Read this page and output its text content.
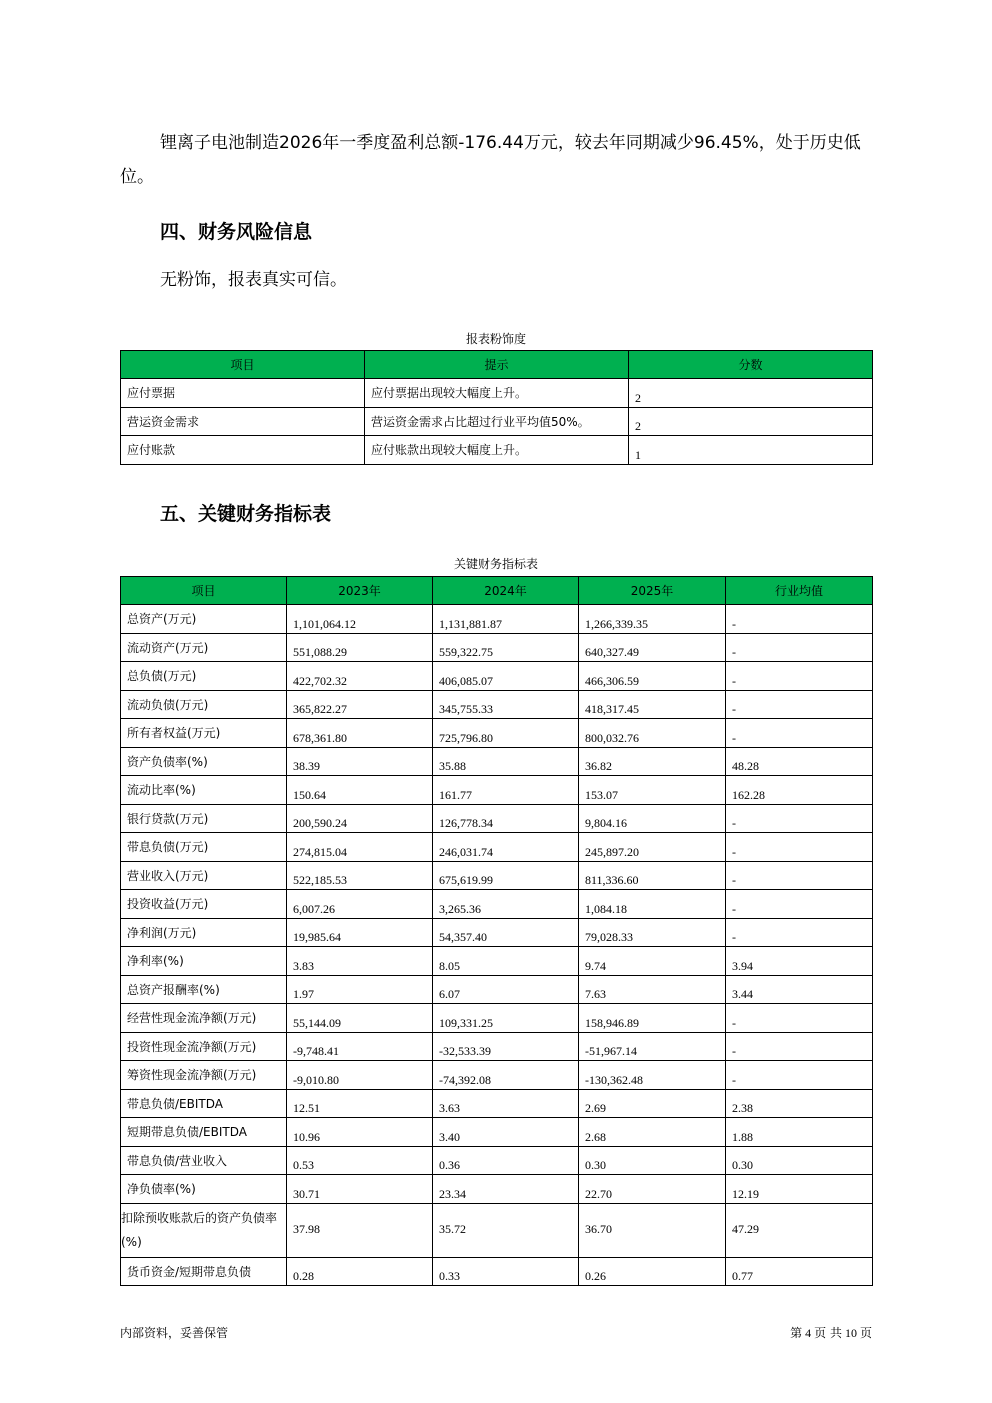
锂离子电池制造2026年一季度盈利总额-176.44万元，较去年同期减少96.45%，处于历史低位。

四、财务风险信息

无粉饰，报表真实可信。

报表粉饰度
项目	提示	分数
应付票据	应付票据出现较大幅度上升。	2
营运资金需求	营运资金需求占比超过行业平均值50%。	2
应付账款	应付账款出现较大幅度上升。	1
五、关键财务指标表
关键财务指标表
项目	2023年	2024年	2025年	行业均值
总资产(万元)	1,101,064.12	1,131,881.87	1,266,339.35	-
流动资产(万元)	551,088.29	559,322.75	640,327.49	-
总负债(万元)	422,702.32	406,085.07	466,306.59	-
流动负债(万元)	365,822.27	345,755.33	418,317.45	-
所有者权益(万元)	678,361.80	725,796.80	800,032.76	-
资产负债率(%)	38.39	35.88	36.82	48.28
流动比率(%)	150.64	161.77	153.07	162.28
银行贷款(万元)	200,590.24	126,778.34	9,804.16	-
带息负债(万元)	274,815.04	246,031.74	245,897.20	-
营业收入(万元)	522,185.53	675,619.99	811,336.60	-
投资收益(万元)	6,007.26	3,265.36	1,084.18	-
净利润(万元)	19,985.64	54,357.40	79,028.33	-
净利率(%)	3.83	8.05	9.74	3.94
总资产报酬率(%)	1.97	6.07	7.63	3.44
经营性现金流净额(万元)	55,144.09	109,331.25	158,946.89	-
投资性现金流净额(万元)	-9,748.41	-32,533.39	-51,967.14	-
筹资性现金流净额(万元)	-9,010.80	-74,392.08	-130,362.48	-
带息负债/EBITDA	12.51	3.63	2.69	2.38
短期带息负债/EBITDA	10.96	3.40	2.68	1.88
带息负债/营业收入	0.53	0.36	0.30	0.30
净负债率(%)	30.71	23.34	22.70	12.19
扣除预收账款后的资产负债率(%)	37.98	35.72	36.70	47.29
货币资金/短期带息负债	0.28	0.33	0.26	0.77
内部资料，妥善保管	第 4 页 共 10 页
